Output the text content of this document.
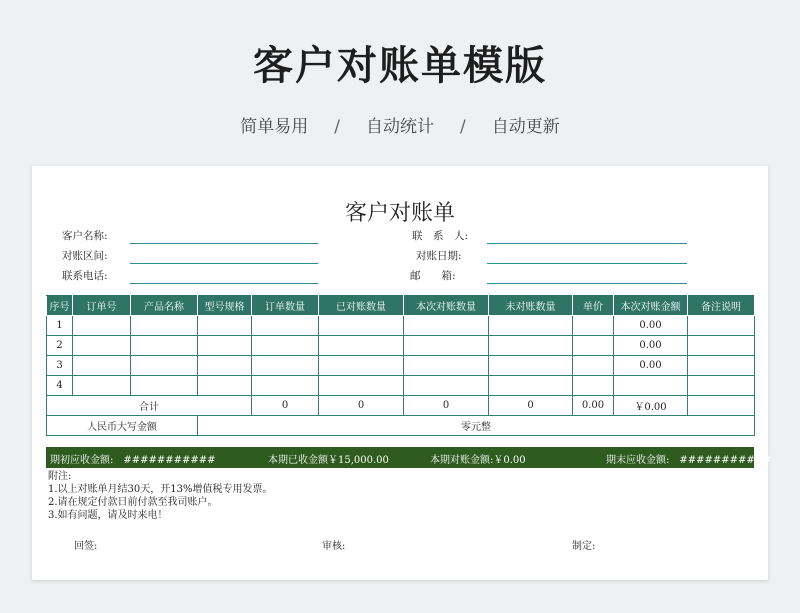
客户对账单模版
简单易用 / 自动统计 / 自动更新
客户对账单
客户名称:	联　系　人:
对账区间:	对账日期:
联系电话:	邮　　箱:
序号	订单号	产品名称	型号规格	订单数量	已对账数量	本次对账数量	未对账数量	单价	本次对账金额	备注说明
1									0.00	
2									0.00	
3									0.00	
4										
合计				0	0	0	0	0.00	￥0.00	
人民币大写金额			零元整							
期初应收金额:　###########	本期已收金额￥15,000.00	本期对账金额:￥0.00	期末应收金额:　###########
附注:
1.以上对账单月结30天，开13%增值税专用发票。
2.请在规定付款日前付款至我司账户。
3.如有问题，请及时来电！
回签:	审核:	制定:
